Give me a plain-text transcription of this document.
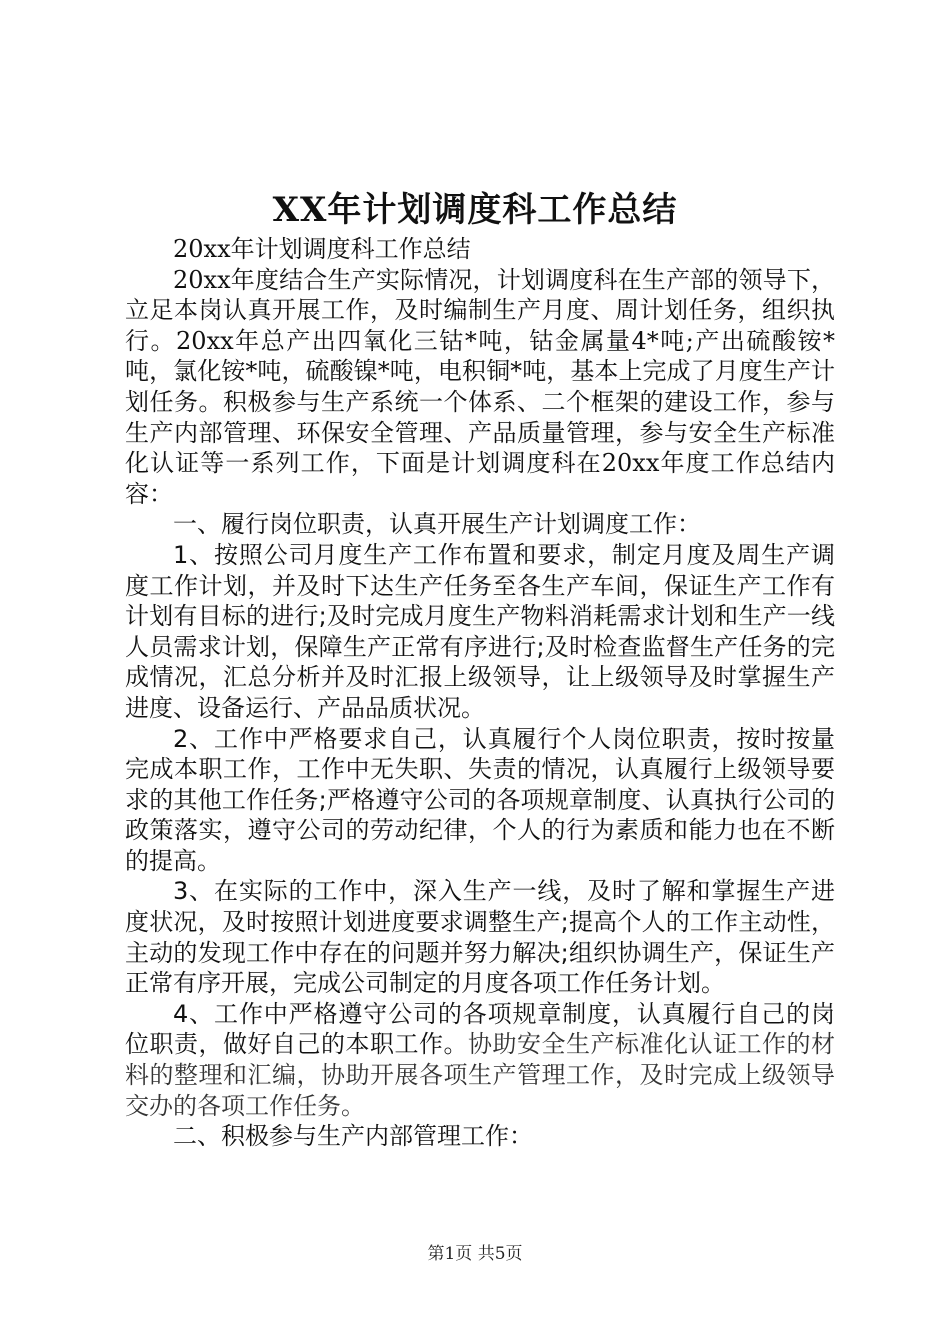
XX年计划调度科工作总结

20xx年计划调度科工作总结

20xx年度结合生产实际情况，计划调度科在生产部的领导下，立足本岗认真开展工作，及时编制生产月度、周计划任务，组织执行。20xx年总产出四氧化三钴*吨，钴金属量4*吨;产出硫酸铵*吨，氯化铵*吨，硫酸镍*吨，电积铜*吨，基本上完成了月度生产计划任务。积极参与生产系统一个体系、二个框架的建设工作，参与生产内部管理、环保安全管理、产品质量管理，参与安全生产标准化认证等一系列工作，下面是计划调度科在20xx年度工作总结内容：

一、履行岗位职责，认真开展生产计划调度工作：

1、按照公司月度生产工作布置和要求，制定月度及周生产调度工作计划，并及时下达生产任务至各生产车间，保证生产工作有计划有目标的进行;及时完成月度生产物料消耗需求计划和生产一线人员需求计划，保障生产正常有序进行;及时检查监督生产任务的完成情况，汇总分析并及时汇报上级领导，让上级领导及时掌握生产进度、设备运行、产品品质状况。

2、工作中严格要求自己，认真履行个人岗位职责，按时按量完成本职工作，工作中无失职、失责的情况，认真履行上级领导要求的其他工作任务;严格遵守公司的各项规章制度、认真执行公司的政策落实，遵守公司的劳动纪律，个人的行为素质和能力也在不断的提高。

3、在实际的工作中，深入生产一线，及时了解和掌握生产进度状况，及时按照计划进度要求调整生产;提高个人的工作主动性，主动的发现工作中存在的问题并努力解决;组织协调生产，保证生产正常有序开展，完成公司制定的月度各项工作任务计划。

4、工作中严格遵守公司的各项规章制度，认真履行自己的岗位职责，做好自己的本职工作。协助安全生产标准化认证工作的材料的整理和汇编，协助开展各项生产管理工作，及时完成上级领导交办的各项工作任务。

二、积极参与生产内部管理工作：

第1页 共5页
